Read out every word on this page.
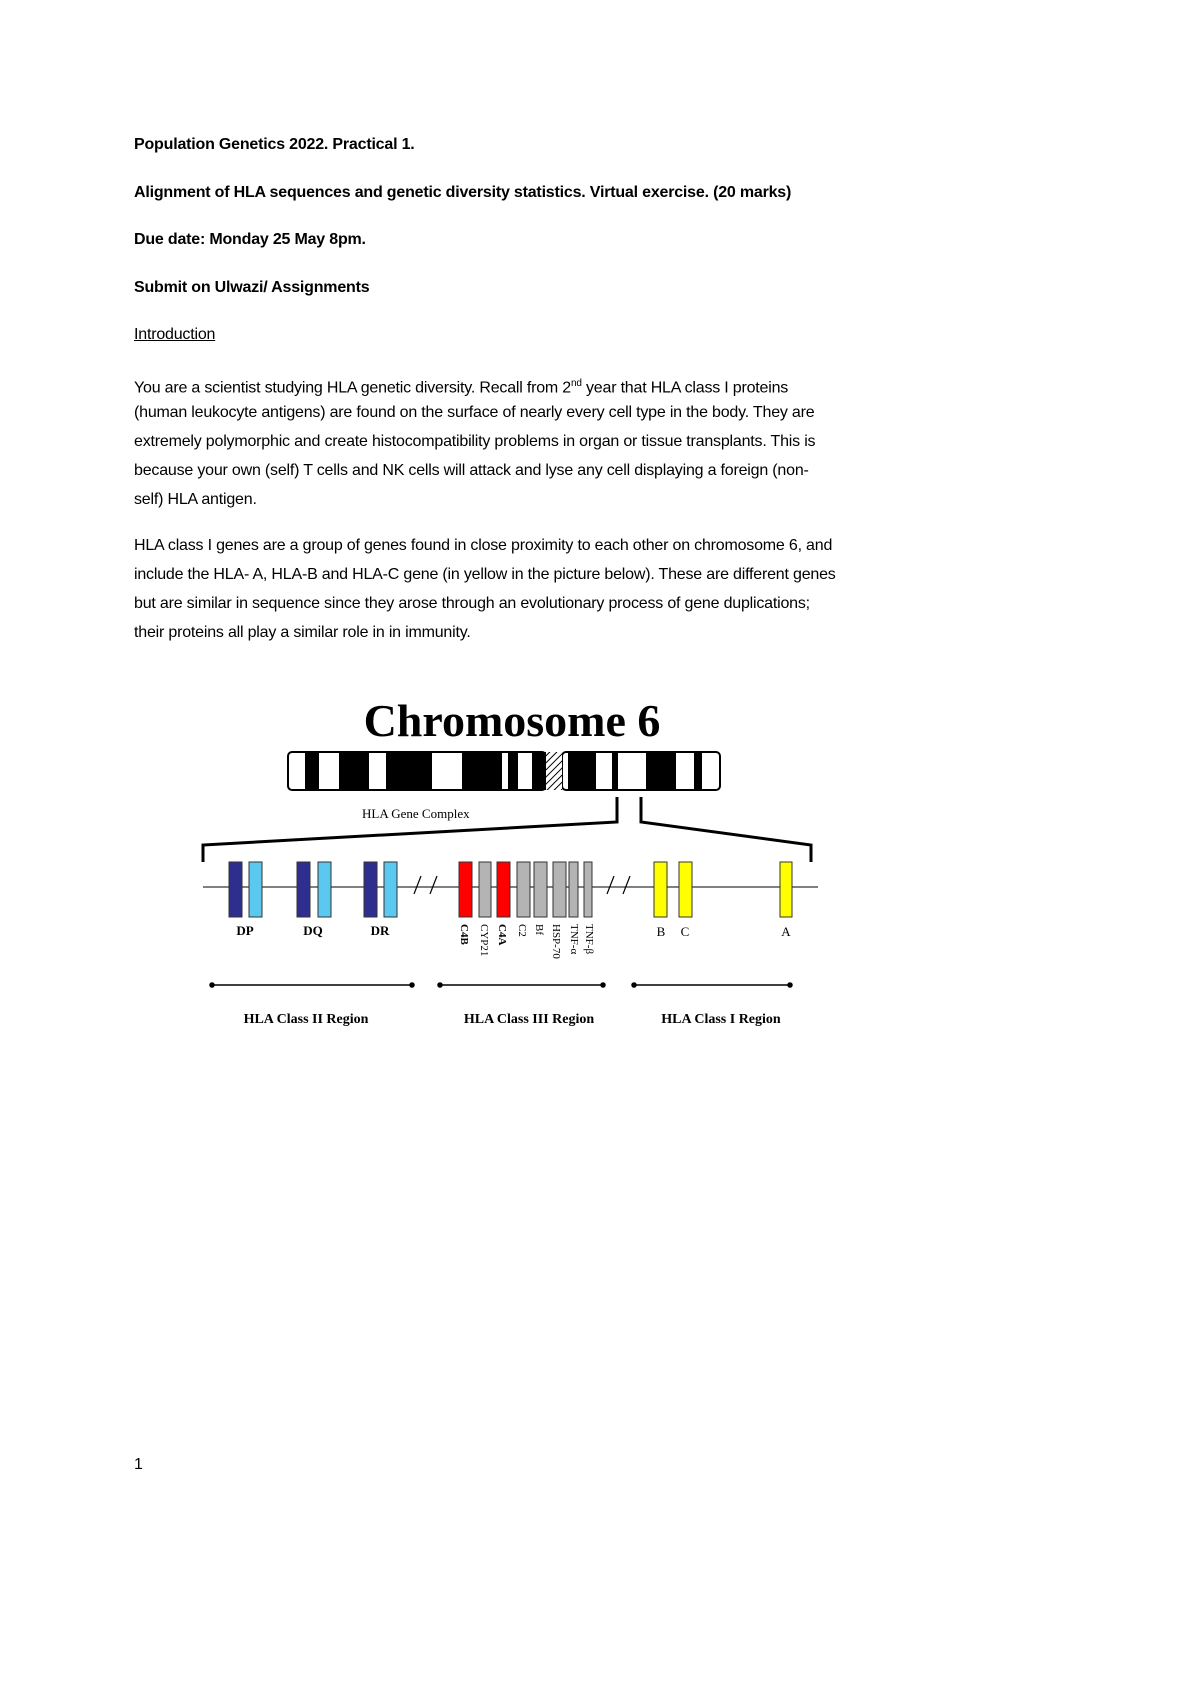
Population Genetics 2022. Practical 1.
Alignment of HLA sequences and genetic diversity statistics. Virtual exercise. (20 marks)
Due date: Monday 25 May 8pm.
Submit on Ulwazi/ Assignments
Introduction
You are a scientist studying HLA genetic diversity. Recall from 2nd year that HLA class I proteins
(human leukocyte antigens) are found on the surface of nearly every cell type in the body. They are
extremely polymorphic and create histocompatibility problems in organ or tissue transplants. This is
because your own (self) T cells and NK cells will attack and lyse any cell displaying a foreign (non-
self) HLA antigen.
HLA class I genes are a group of genes found in close proximity to each other on chromosome 6, and
include the HLA- A, HLA-B and HLA-C gene (in yellow in the picture below). These are different genes
but are similar in sequence since they arose through an evolutionary process of gene duplications;
their proteins all play a similar role in in immunity.
Chromosome 6
HLA Gene Complex
DP	DQ	DR	B C	A
C4B CYP21 C4A C2 Bf HSP-70 TNF-α TNF-β
HLA Class II Region	HLA Class III Region	HLA Class I Region
1
